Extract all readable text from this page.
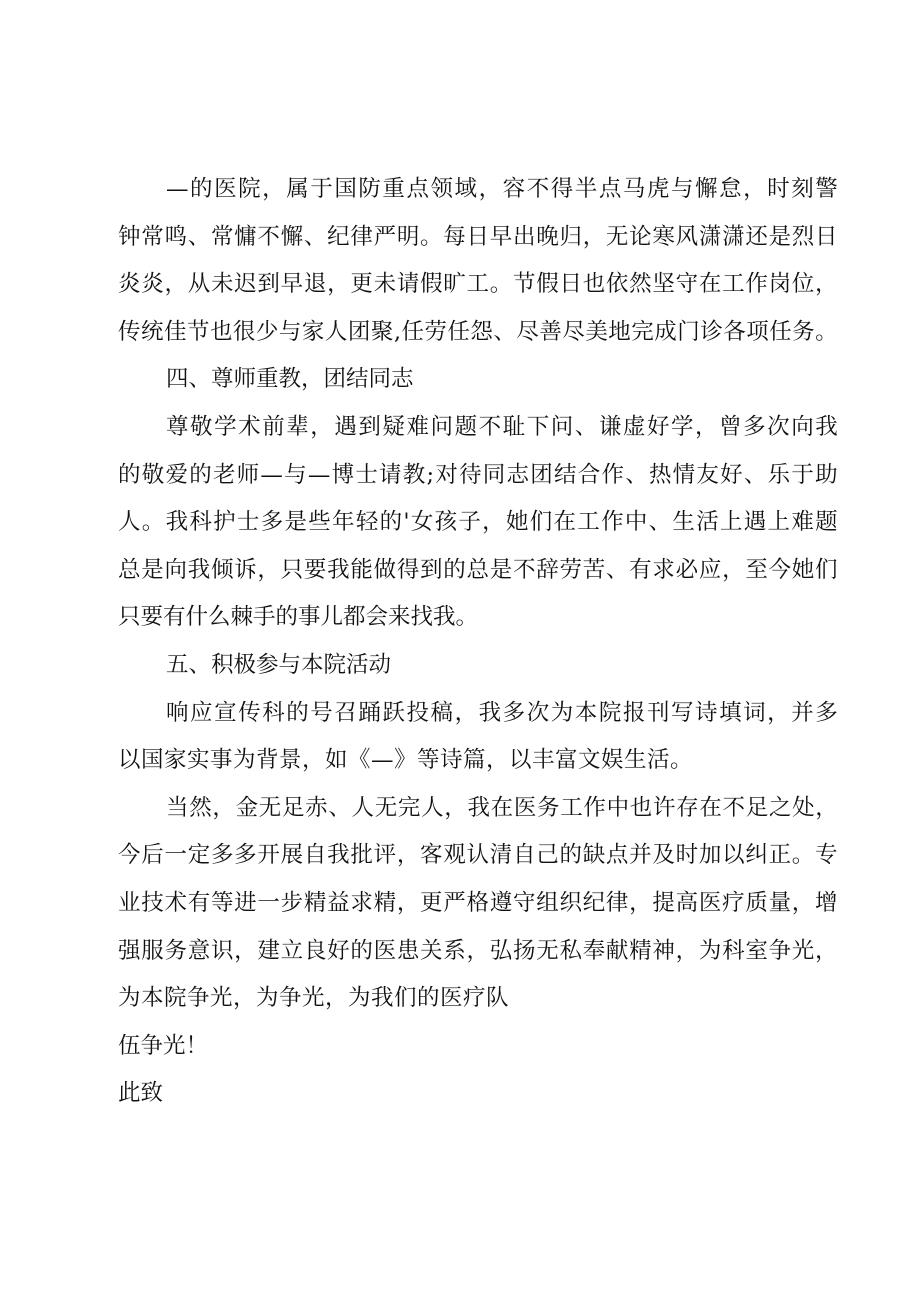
— 的 医 院 ， 属 于 国 防 重 点 领 域 ， 容 不 得 半 点 马 虎 与 懈 怠 ， 时 刻 警
钟 常 鸣 、 常 慵 不 懈 、 纪 律 严 明 。 每 日 早 出 晚 归 ， 无 论 寒 风 潇 潇 还 是 烈 日
炎 炎 ， 从 未 迟 到 早 退 ， 更 未 请 假 旷 工 。 节 假 日 也 依 然 坚 守 在 工 作 岗 位 ，
传 统 佳 节 也 很 少 与 家 人 团 聚 , 任 劳 任 怨 、 尽 善 尽 美 地 完 成 门 诊 各 项 任 务 。
四、尊师重教，团结同志
尊 敬 学 术 前 辈 ， 遇 到 疑 难 问 题 不 耻 下 问 、 谦 虚 好 学 ， 曾 多 次 向 我
的 敬 爱 的 老 师 — 与 — 博 士 请 教 ; 对 待 同 志 团 结 合 作 、 热 情 友 好 、 乐 于 助
人 。 我 科 护 士 多 是 些 年 轻 的 ' 女 孩 子 ， 她 们 在 工 作 中 、 生 活 上 遇 上 难 题
总 是 向 我 倾 诉 ， 只 要 我 能 做 得 到 的 总 是 不 辞 劳 苦 、 有 求 必 应 ， 至 今 她 们
只要有什么棘手的事儿都会来找我。
五、积极参与本院活动
响 应 宣 传 科 的 号 召 踊 跃 投 稿 ， 我 多 次 为 本 院 报 刊 写 诗 填 词 ， 并 多
以国家实事为背景，如《—》等诗篇，以丰富文娱生活。
当 然 ， 金 无 足 赤 、 人 无 完 人 ， 我 在 医 务 工 作 中 也 许 存 在 不 足 之 处 ，
今 后 一 定 多 多 开 展 自 我 批 评 ， 客 观 认 清 自 己 的 缺 点 并 及 时 加 以 纠 正 。 专
业 技 术 有 等 进 一 步 精 益 求 精 ， 更 严 格 遵 守 组 织 纪 律 ， 提 高 医 疗 质 量 ， 增
强 服 务 意 识 ， 建 立 良 好 的 医 患 关 系 ， 弘 扬 无 私 奉 献 精 神 ， 为 科 室 争 光 ，
为本院争光，为争光，为我们的医疗队
伍争光！
此致
